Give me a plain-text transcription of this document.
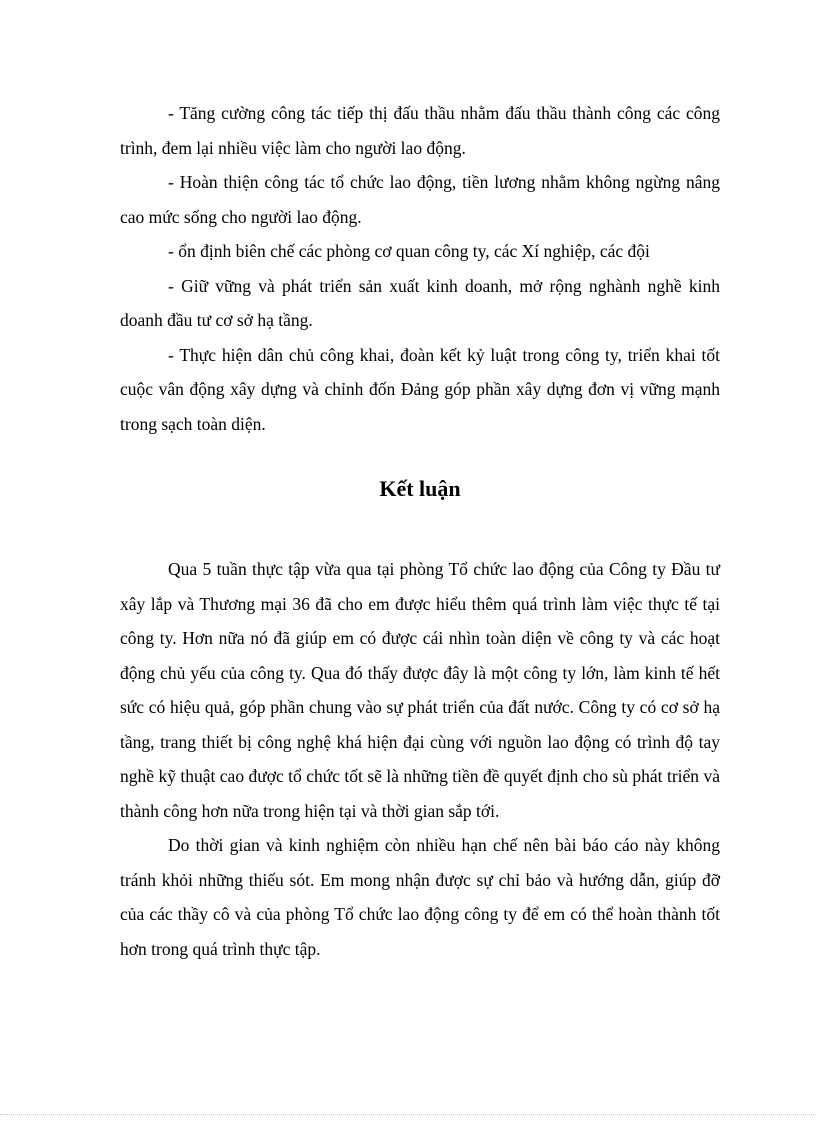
- Tăng cường công tác tiếp thị đấu thầu nhằm đấu thầu thành công các công trình, đem lại nhiều việc làm cho người lao động.

- Hoàn thiện công tác tổ chức lao động, tiền lương nhằm không ngừng nâng cao mức sống cho người lao động.

- ổn định biên chế các phòng cơ quan công ty, các Xí nghiệp, các đội

- Giữ vững và phát triển sản xuất kinh doanh, mở rộng nghành nghề kinh doanh đầu tư cơ sở hạ tầng.

- Thực hiện dân chủ công khai, đoàn kết kỷ luật trong công ty, triển khai tốt cuộc vân động xây dựng và chỉnh đốn Đảng góp phần xây dựng đơn vị vững mạnh trong sạch toàn diện.

Kết luận

Qua 5 tuần thực tập vừa qua tại phòng Tổ chức lao động của Công ty Đầu tư xây lắp và Thương mại 36 đã cho em được hiểu thêm quá trình làm việc thực tế tại công ty. Hơn nữa nó đã giúp em có được cái nhìn toàn diện về công ty và các hoạt động chủ yếu của công ty. Qua đó thấy được đây là một công ty lớn, làm kinh tế hết sức có hiệu quả, góp phần chung vào sự phát triển của đất nước. Công ty có cơ sở hạ tầng, trang thiết bị công nghệ khá hiện đại cùng với nguồn lao động có trình độ tay nghề kỹ thuật cao được tổ chức tốt sẽ là những tiền đề quyết định cho sù phát triển và thành công hơn nữa trong hiện tại và thời gian sắp tới.

Do thời gian và kinh nghiệm còn nhiều hạn chế nên bài báo cáo này không tránh khỏi những thiếu sót. Em mong nhận được sự chỉ bảo và hướng dẫn, giúp đỡ của các thầy cô và của phòng Tổ chức lao động công ty để em có thể hoàn thành tốt hơn trong quá trình thực tập.
